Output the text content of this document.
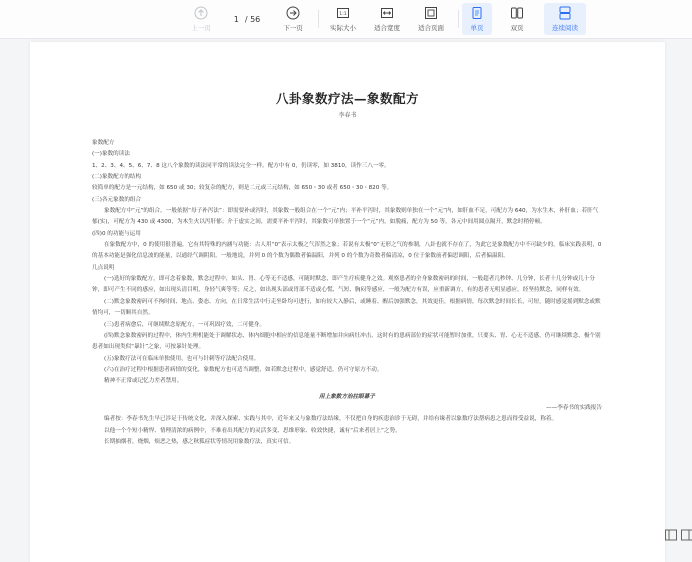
上一页
1 / 56
下一页
1:1
实际大小	适合宽度	适合页面	单页	双页	连续阅读
八卦象数疗法—象数配方
李春书

象数配方

(一)象数的读法

1、2、3、4、5、6、7、8 这八个象数的读法同平常的读法完全一样。配方中有 0，仍读零，如 3810，读作三八一零。

(二)象数配方的结构

较简单的配方是一元结构，如 650 或 30；较复杂的配方，则是二元或三元结构，如 650・30 或者 650・30・820 等。

(三)各元象数的组合

象数配方中“元”的组合，一般依据“母子补泻法”：即需要补或泻时，其象数一般组合在一个“元”内；平补平泻时，其象数则单独在一个“元”内，如肝血不足，可配方为 640，为水生木，补肝血；若肝气郁(实)，可配方为 430 或 4300，为木生火以泻肝郁；介于虚实之间，需要平补平泻时，其象数可单独置于一个“元”内，如脱痛，配方为 50 等，各元中间用圆点隔开，默念时稍停顿。

(四)0 的功能与运用

在象数配方中，0 的使用很普遍，它有其特殊的内涵与功能：古人用“0”表示太极之气浑然之象；若说有太极“0”无形之气的参制，八卦也就不存在了，为此它是象数配方中不可缺少的，临床实践表明，0 的基本功能是强化信息波的能量，以通经气调阴阳，一般地说，并列 0 的个数为偶数者偏温阳，并列 0 的个数为奇数者偏清凉，0 位于象数前者偏思调阳，后者偏温阳。

几点说明

(一)选好的象数配方，即可念着象数，默念过程中，如头、胃、心等无不适感，可随时默念，即产生疗疾健身之效。观察患者的全身象数密码的时间，一般超者几秒钟、几分钟，长者十几分钟或几十分钟，即可产生不同的感应，如出现头清目明，身轻气爽等等；反之，如出现头部或胃部不适或心慌、气短、胸闷等感应，一般为配方有误，应重新调方，有的患者无明显感应，经坚持默念，同样有效。

(二)默念象数密码可不拘时间、地点、姿态、方向，在日常生活中行走坐卧均可进行，如有较大入静后，或睡着、醒后加强默念，其效更佳，根据病情，每次默念时间长长，可短，随时感觉摇到默念或默情均可，一切顺其自然。

(三)患者病愈后，可继续默念原配方，一可巩固疗效，二可健身。

(四)默念象数密码的过程中，体内生理机能处于调解状态，体内细胞中相应的信息能量不断增加并向病灶冲击，这时有的患病部位的症状可能暂时加重，只要头、胃、心无不适感，仍可继续默念，极个别患者如出现类似“暴针”之象，可按暴针处理。

(五)象数疗法可在临床单独使用，也可与针刺等疗法配合使用。

(六)在治疗过程中根据患者病情的变化，象数配方也可适当调整，如若默念过程中，感觉舒适，仍可守原方不动。

精神不正常或记忆力差者禁用。

用上象数方治拄眼幕子

——李春书的实践报告

编者按：李春书先生早已涉足于传统文化，并深入探索、实践与其中，近年来又与象数疗法结缘，不仅把自身的疾患治诊于无碍，并给有缘者以象数疗法帮病患之患而得受益说，称着。

以他一个个短小精悍、情理清浓的病例中，不难看出其配方的灵活多变、思维形象、收效快捷，诚有“后来者居上”之势。

长期抽烟者，烧烟，烦恶之热，感之秋狐症状等情况用象数疗法，真实可信。
